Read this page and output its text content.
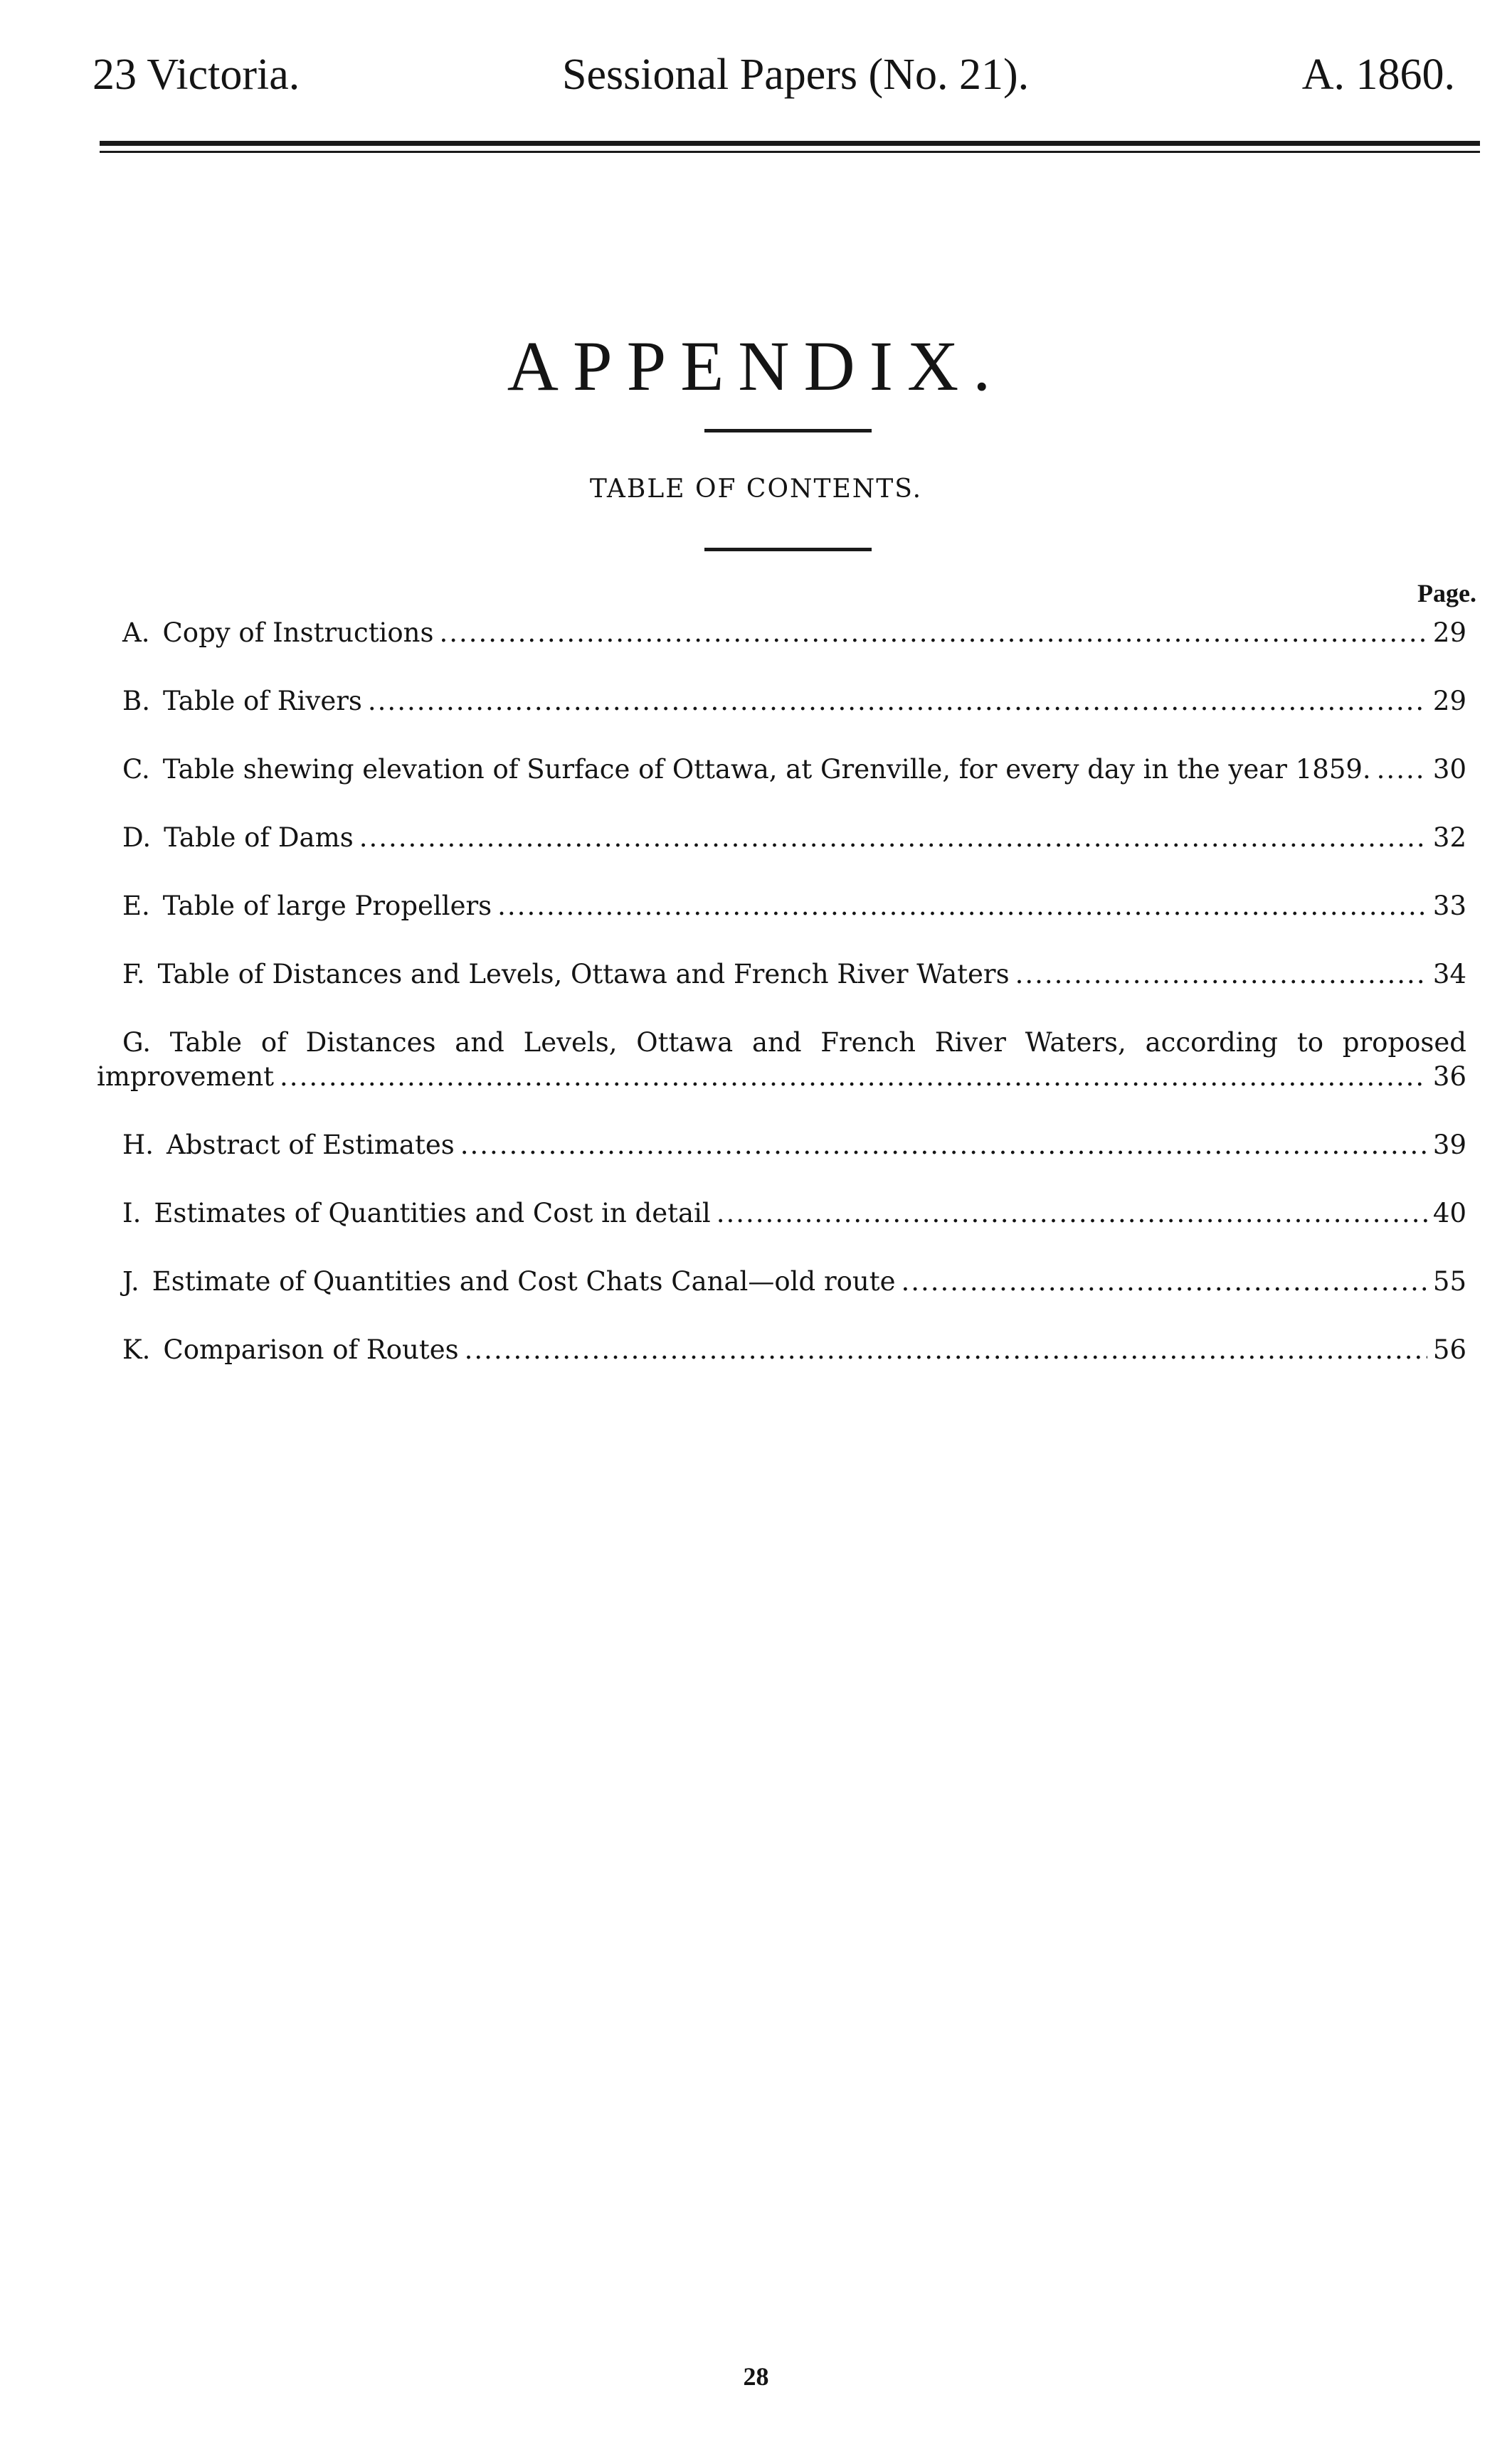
23 Victoria.	Sessional Papers (No. 21).	A. 1860.
APPENDIX.
TABLE OF CONTENTS.
Page.
A. Copy of Instructions .....	29
B. Table of Rivers .....	29
C. Table shewing elevation of Surface of Ottawa, at Grenville, for every day in the year 1859. ..... 30
D. Table of Dams .....	32
E. Table of large Propellers .....	33
F. Table of Distances and Levels, Ottawa and French River Waters .....	34
G. Table of Distances and Levels, Ottawa and French River Waters, according to proposed
improvement .....	36
H. Abstract of Estimates .....	39
I. Estimates of Quantities and Cost in detail .....	40
J. Estimate of Quantities and Cost Chats Canal—old route .....	55
K. Comparison of Routes .....	56
28
